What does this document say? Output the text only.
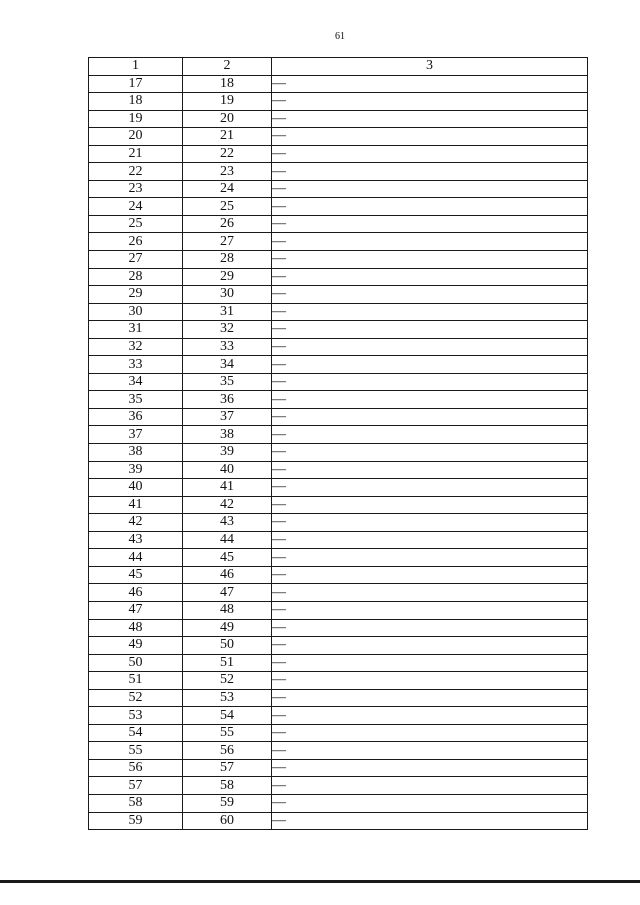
61
1	2	3
17	18	—
18	19	—
19	20	—
20	21	—
21	22	—
22	23	—
23	24	—
24	25	—
25	26	—
26	27	—
27	28	—
28	29	—
29	30	—
30	31	—
31	32	—
32	33	—
33	34	—
34	35	—
35	36	—
36	37	—
37	38	—
38	39	—
39	40	—
40	41	—
41	42	—
42	43	—
43	44	—
44	45	—
45	46	—
46	47	—
47	48	—
48	49	—
49	50	—
50	51	—
51	52	—
52	53	—
53	54	—
54	55	—
55	56	—
56	57	—
57	58	—
58	59	—
59	60	—
